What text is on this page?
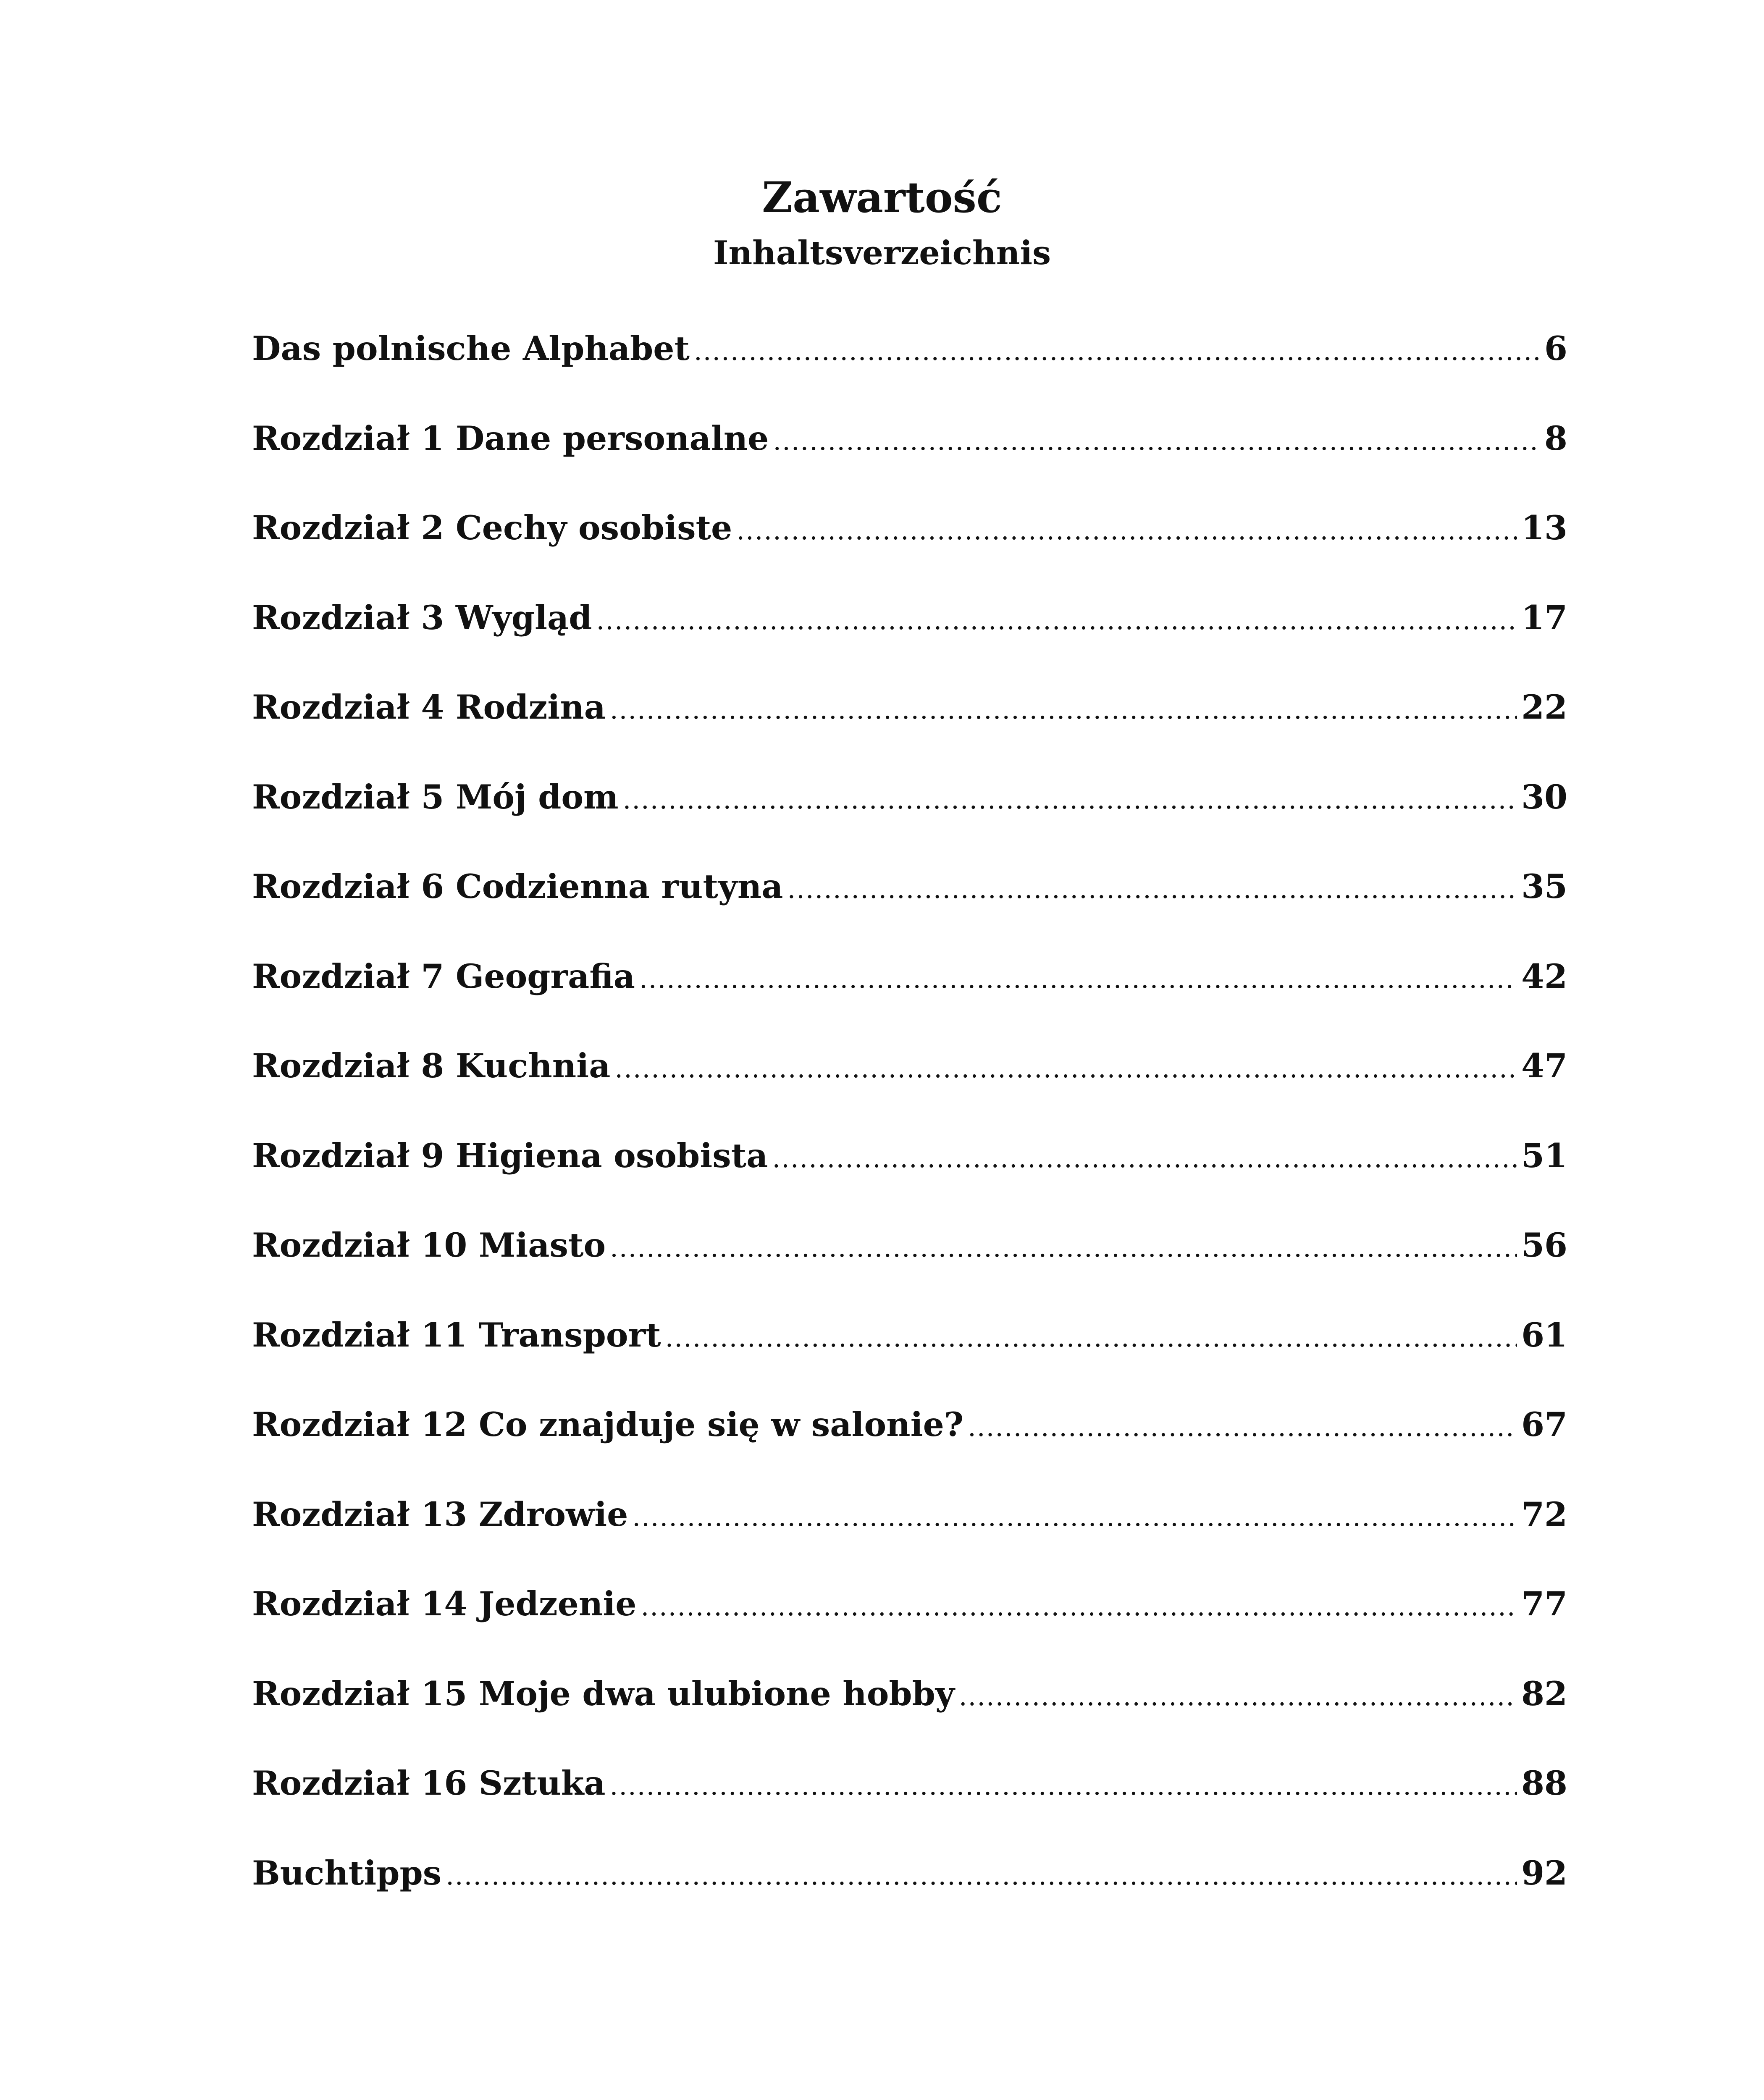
Zawartość
Inhaltsverzeichnis
Das polnische Alphabet .....	6
Rozdział 1 Dane personalne .....	8
Rozdział 2 Cechy osobiste .....	13
Rozdział 3 Wygląd .....	17
Rozdział 4 Rodzina .....	22
Rozdział 5 Mój dom .....	30
Rozdział 6 Codzienna rutyna .....	35
Rozdział 7 Geografia .....	42
Rozdział 8 Kuchnia .....	47
Rozdział 9 Higiena osobista .....	51
Rozdział 10 Miasto .....	56
Rozdział 11 Transport .....	61
Rozdział 12 Co znajduje się w salonie? .....	67
Rozdział 13 Zdrowie .....	72
Rozdział 14 Jedzenie .....	77
Rozdział 15 Moje dwa ulubione hobby .....	82
Rozdział 16 Sztuka .....	88
Buchtipps .....	92
